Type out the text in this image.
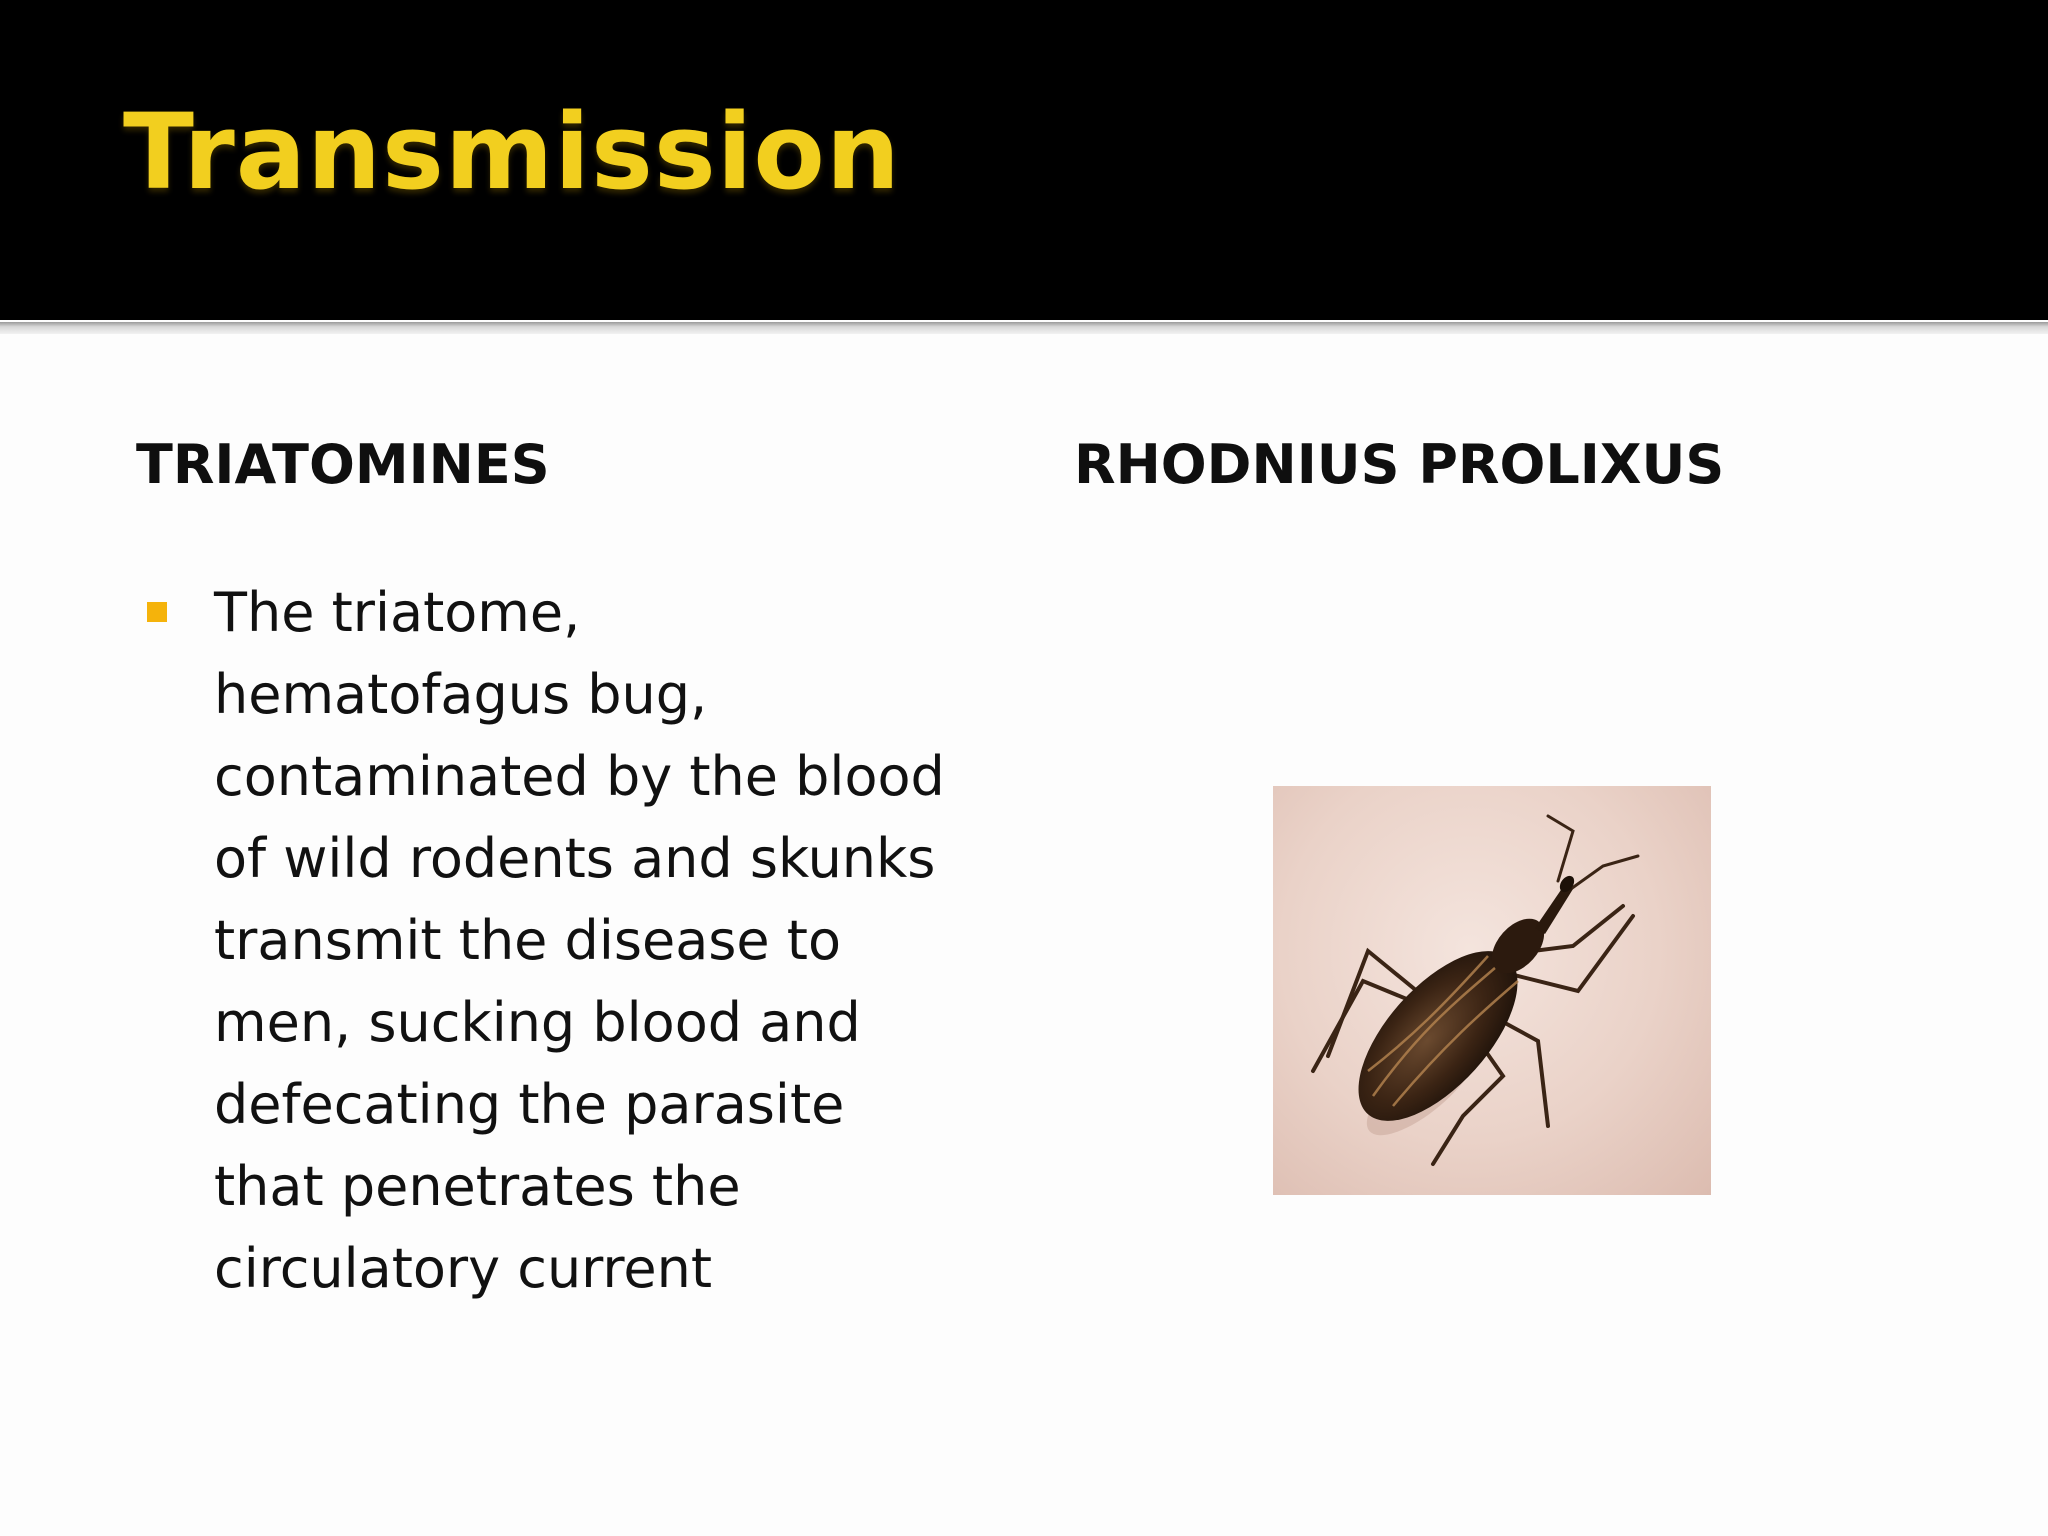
Transmission
TRIATOMINES	RHODNIUS PROLIXUS
The triatome,
hematofagus bug,
contaminated by the blood
of wild rodents and skunks
transmit the disease to
men, sucking blood and
defecating the parasite
that penetrates the
circulatory current
